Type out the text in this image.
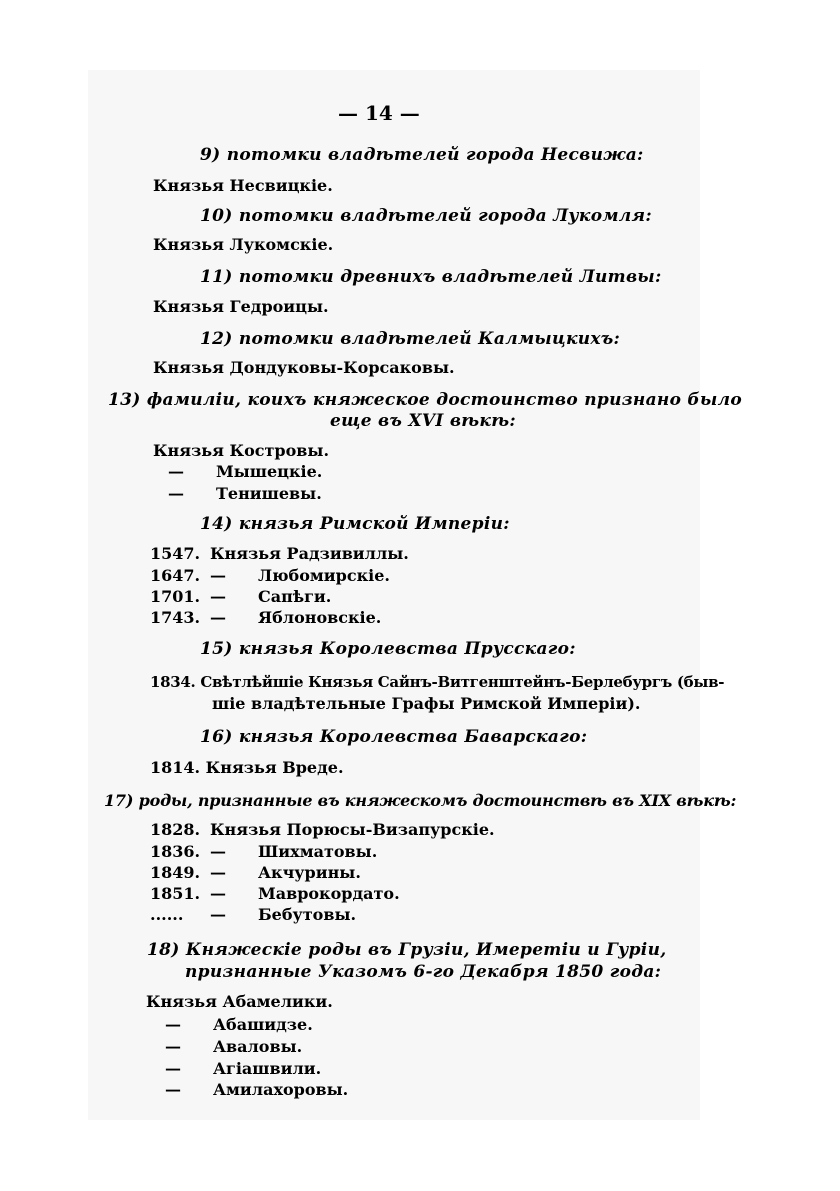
— 14 —
9) потомки владѣтелей города Несвижа:
Князья Несвицкіе.
10) потомки владѣтелей города Лукомля:
Князья Лукомскіе.
11) потомки древнихъ владѣтелей Литвы:
Князья Гедроицы.
12) потомки владѣтелей Калмыцкихъ:
Князья Дондуковы-Корсаковы.
13) фамиліи, коихъ княжеское достоинство признано было
еще въ XVI вѣкѣ:
Князья Костровы.
— Мышецкіе.
— Тенишевы.
14) князья Римской Имперіи:
1547. Князья Радзивиллы.
1647. — Любомирскіе.
1701. — Сапѣги.
1743. — Яблоновскіе.
15) князья Королевства Прусскаго:
1834. Свѣтлѣйшіе Князья Сайнъ-Витгенштейнъ-Берлебургъ (быв-
шіе владѣтельные Графы Римской Имперіи).
16) князья Королевства Баварскаго:
1814. Князья Вреде.
17) роды, признанные въ княжескомъ достоинствѣ въ XIX вѣкѣ:
1828. Князья Порюсы-Визапурскіе.
1836. — Шихматовы.
1849. — Акчурины.
1851. — Маврокордато.
...... — Бебутовы.
18) Княжескіе роды въ Грузіи, Имеретіи и Гуріи,
признанные Указомъ 6-го Декабря 1850 года:
Князья Абамелики.
— Абашидзе.
— Аваловы.
— Агіашвили.
— Амилахоровы.
